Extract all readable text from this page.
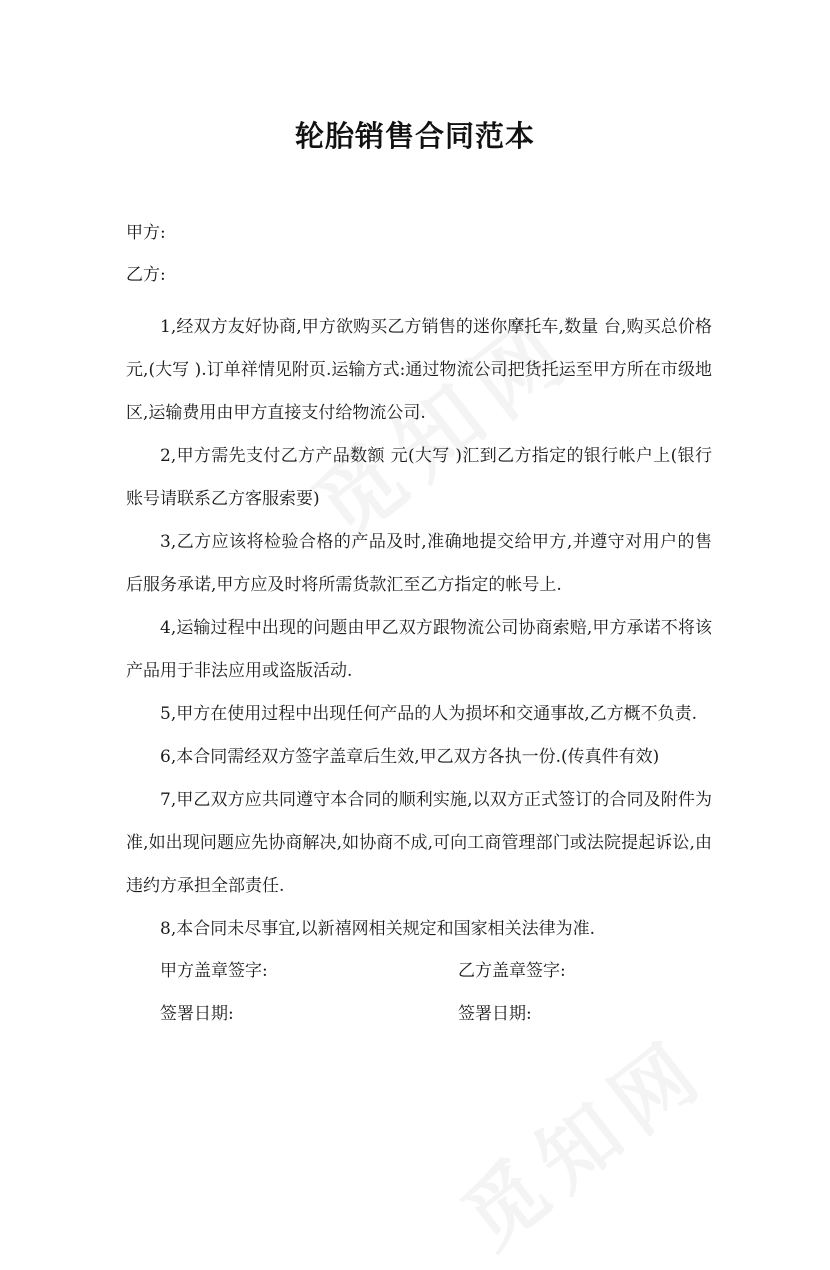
轮胎销售合同范本
甲方:
乙方:

1,经双方友好协商,甲方欲购买乙方销售的迷你摩托车,数量 台,购买总价格元,(大写 ).订单祥情见附页.运输方式:通过物流公司把货托运至甲方所在市级地区,运输费用由甲方直接支付给物流公司.

2,甲方需先支付乙方产品数额 元(大写 )汇到乙方指定的银行帐户上(银行账号请联系乙方客服索要)

3,乙方应该将检验合格的产品及时,准确地提交给甲方,并遵守对用户的售后服务承诺,甲方应及时将所需货款汇至乙方指定的帐号上.

4,运输过程中出现的问题由甲乙双方跟物流公司协商索赔,甲方承诺不将该产品用于非法应用或盗版活动.

5,甲方在使用过程中出现任何产品的人为损坏和交通事故,乙方概不负责.

6,本合同需经双方签字盖章后生效,甲乙双方各执一份.(传真件有效)

7,甲乙双方应共同遵守本合同的顺利实施,以双方正式签订的合同及附件为准,如出现问题应先协商解决,如协商不成,可向工商管理部门或法院提起诉讼,由违约方承担全部责任.

8,本合同未尽事宜,以新禧网相关规定和国家相关法律为准.

甲方盖章签字:	乙方盖章签字:
签署日期:	签署日期:
